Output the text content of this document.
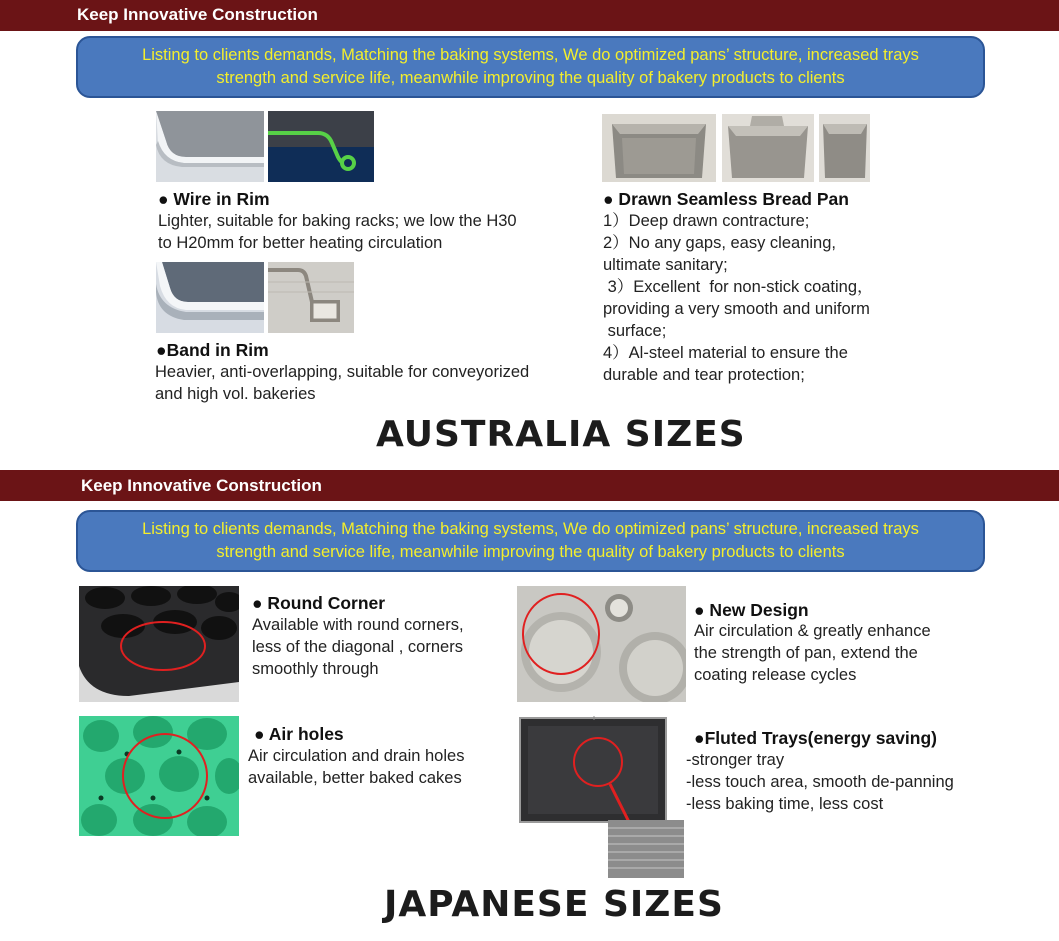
Keep Innovative Construction
Listing to clients demands, Matching the baking systems, We do optimized pans’ structure, increased trays
strength and service life, meanwhile improving the quality of bakery products to clients
● Wire in Rim
Lighter, suitable for baking racks; we low the H30
to H20mm for better heating circulation
●Band in Rim
Heavier, anti-overlapping, suitable for conveyorized
and high vol. bakeries
● Drawn Seamless Bread Pan
1）Deep drawn contracture;
2）No any gaps, easy cleaning,
ultimate sanitary;
3）Excellent  for non-stick coating，
providing a very smooth and uniform
surface;
4）Al-steel material to ensure the
durable and tear protection;
AUSTRALIA SIZES
Keep Innovative Construction
Listing to clients demands, Matching the baking systems, We do optimized pans’ structure, increased trays
strength and service life, meanwhile improving the quality of bakery products to clients
● Round Corner
Available with round corners,
less of the diagonal , corners
smoothly through
● New Design
Air circulation & greatly enhance
the strength of pan, extend the
coating release cycles
● Air holes
Air circulation and drain holes
available, better baked cakes
●Fluted Trays(energy saving)
-stronger tray
-less touch area, smooth de-panning
-less baking time, less cost
JAPANESE SIZES
